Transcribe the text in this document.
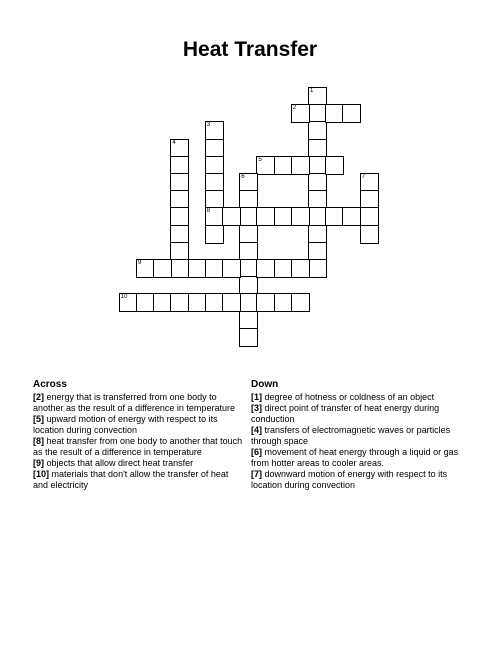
Heat Transfer
1
2
3
8
4
5
6	7
9
10
Across
[2] energy that is transferred from one body to another as the result of a difference in temperature
[5] upward motion of energy with respect to its location during convection
[8] heat transfer from one body to another that touch as the result of a difference in temperature
[9] objects that allow direct heat transfer
[10] materials that don't allow the transfer of heat and electricity
Down
[1] degree of hotness or coldness of an object
[3] direct point of transfer of heat energy during conduction
[4] transfers of electromagnetic waves or particles through space
[6] movement of heat energy through a liquid or gas from hotter areas to cooler areas.
[7] downward motion of energy with respect to its location during convection
